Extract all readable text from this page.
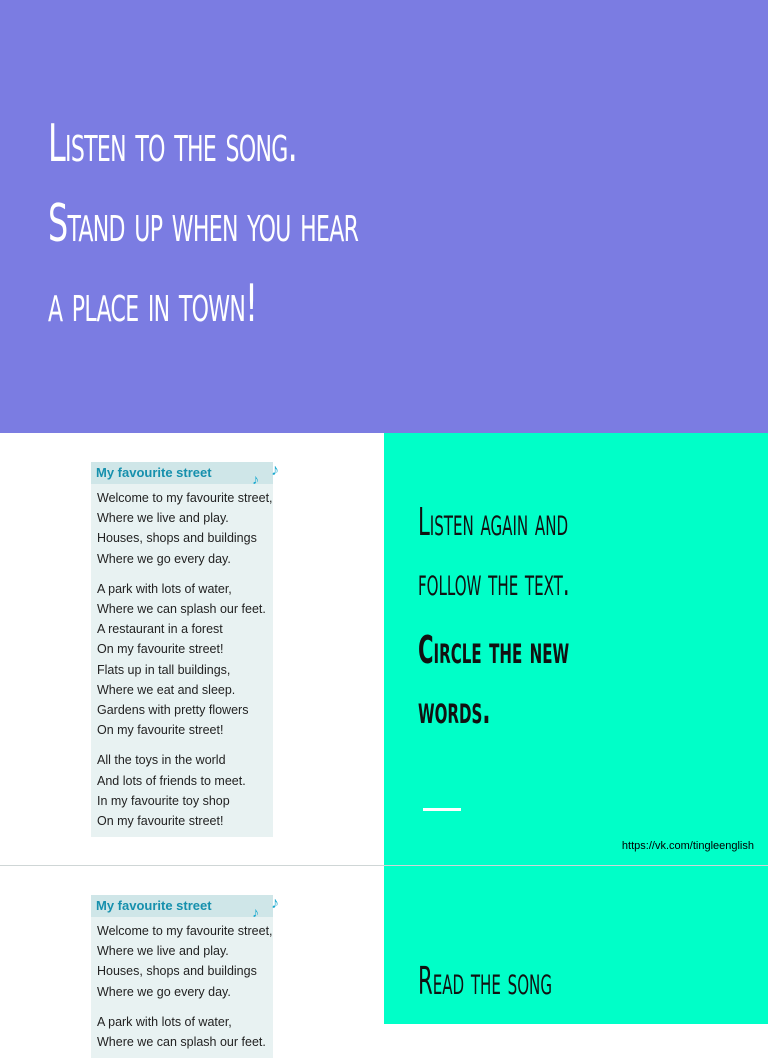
Listen to the song.
Stand up when you hear
a place in town!
My favourite street	♪
♪
Welcome to my favourite street,
Where we live and play.
Houses, shops and buildings
Where we go every day.
A park with lots of water,
Where we can splash our feet.
A restaurant in a forest
On my favourite street!
Flats up in tall buildings,
Where we eat and sleep.
Gardens with pretty flowers
On my favourite street!
All the toys in the world
And lots of friends to meet.
In my favourite toy shop
On my favourite street!
Listen again and
follow the text.
Circle the new
words.
https://vk.com/tingleenglish
My favourite street	♪
♪
Welcome to my favourite street,
Where we live and play.
Houses, shops and buildings
Where we go every day.
A park with lots of water,
Where we can splash our feet.
Read the song
